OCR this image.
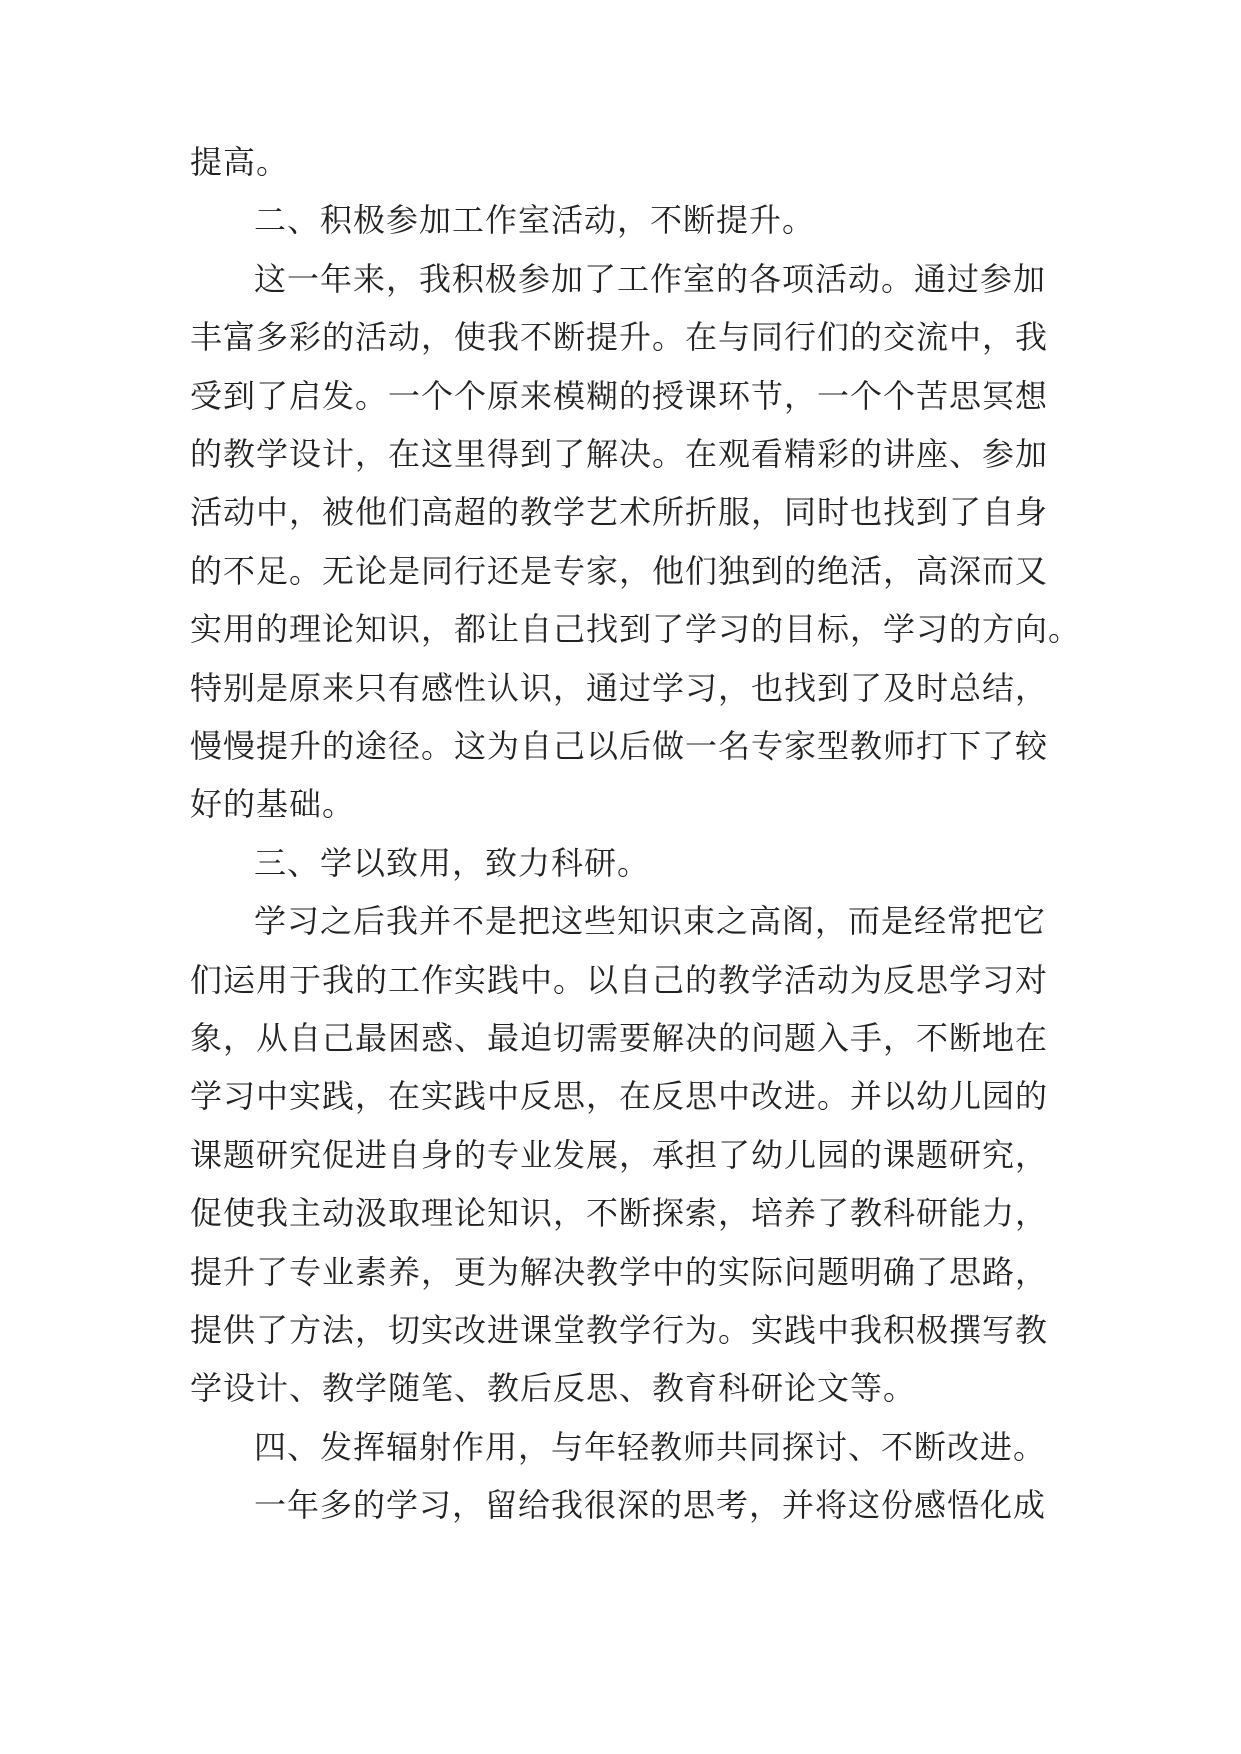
提高。
二、积极参加工作室活动，不断提升。
这一年来，我积极参加了工作室的各项活动。通过参加
丰富多彩的活动，使我不断提升。在与同行们的交流中，我
受到了启发。一个个原来模糊的授课环节，一个个苦思冥想
的教学设计，在这里得到了解决。在观看精彩的讲座、参加
活动中，被他们高超的教学艺术所折服，同时也找到了自身
的不足。无论是同行还是专家，他们独到的绝活，高深而又
实用的理论知识，都让自己找到了学习的目标，学习的方向。
特别是原来只有感性认识，通过学习，也找到了及时总结，
慢慢提升的途径。这为自己以后做一名专家型教师打下了较
好的基础。
三、学以致用，致力科研。
学习之后我并不是把这些知识束之高阁，而是经常把它
们运用于我的工作实践中。以自己的教学活动为反思学习对
象，从自己最困惑、最迫切需要解决的问题入手，不断地在
学习中实践，在实践中反思，在反思中改进。并以幼儿园的
课题研究促进自身的专业发展，承担了幼儿园的课题研究，
促使我主动汲取理论知识，不断探索，培养了教科研能力，
提升了专业素养，更为解决教学中的实际问题明确了思路，
提供了方法，切实改进课堂教学行为。实践中我积极撰写教
学设计、教学随笔、教后反思、教育科研论文等。
四、发挥辐射作用，与年轻教师共同探讨、不断改进。
一年多的学习，留给我很深的思考，并将这份感悟化成
